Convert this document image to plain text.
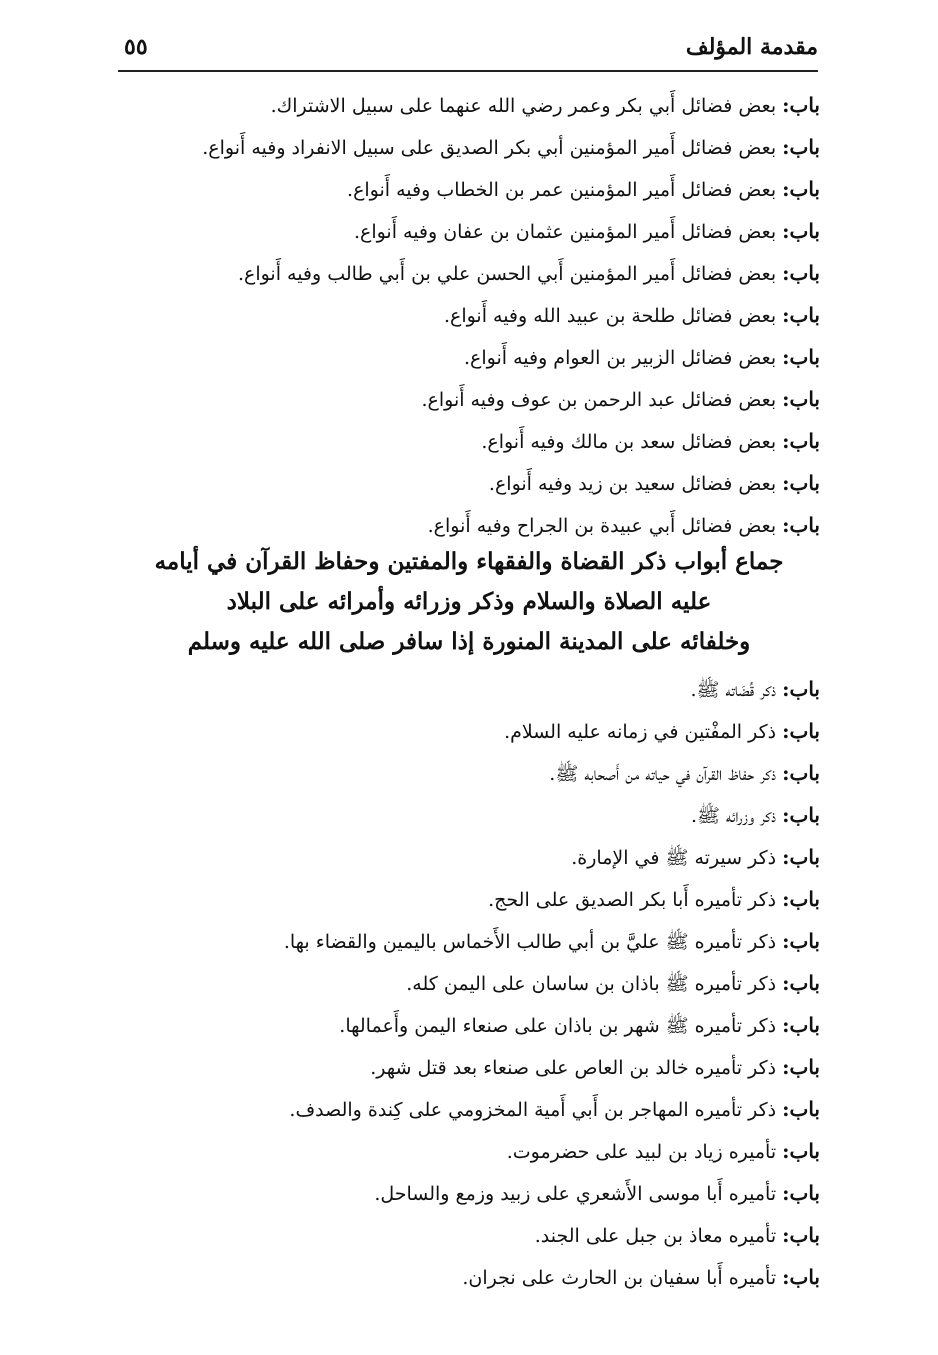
مقدمة المؤلف
٥٥
باب:بعض فضائل أَبي بكر وعمر رضي الله عنهما على سبيل الاشتراك.
باب:بعض فضائل أَمير المؤمنين أبي بكر الصديق على سبيل الانفراد وفيه أَنواع.
باب:بعض فضائل أَمير المؤمنين عمر بن الخطاب وفيه أَنواع.
باب:بعض فضائل أَمير المؤمنين عثمان بن عفان وفيه أَنواع.
باب:بعض فضائل أَمير المؤمنين أَبي الحسن علي بن أَبي طالب وفيه أَنواع.
باب:بعض فضائل طلحة بن عبيد الله وفيه أَنواع.
باب:بعض فضائل الزبير بن العوام وفيه أَنواع.
باب:بعض فضائل عبد الرحمن بن عوف وفيه أَنواع.
باب:بعض فضائل سعد بن مالك وفيه أَنواع.
باب:بعض فضائل سعيد بن زيد وفيه أَنواع.
باب:بعض فضائل أَبي عبيدة بن الجراح وفيه أَنواع.
جماع أبواب ذكر القضاة والفقهاء والمفتين وحفاظ القرآن في أيامه
عليه الصلاة والسلام وذكر وزرائه وأمرائه على البلاد
وخلفائه على المدينة المنورة إذا سافر صلى الله عليه وسلم
باب:ذكر قُضَاته ﷺ.
باب:ذكر المفْتين في زمانه عليه السلام.
باب:ذكر حفاظ القرآن في حياته من أَصحابه ﷺ.
باب:ذكر وزرائه ﷺ.
باب:ذكر سيرته ﷺ في الإمارة.
باب:ذكر تأميره أَبا بكر الصديق على الحج.
باب:ذكر تأميره ﷺ عليَّ بن أبي طالب الأَخماس باليمين والقضاء بها.
باب:ذكر تأميره ﷺ باذان بن ساسان على اليمن كله.
باب:ذكر تأميره ﷺ شهر بن باذان على صنعاء اليمن وأَعمالها.
باب:ذكر تأميره خالد بن العاص على صنعاء بعد قتل شهر.
باب:ذكر تأميره المهاجر بن أَبي أَمية المخزومي على كِندة والصدف.
باب:تأميره زياد بن لبيد على حضرموت.
باب:تأميره أَبا موسى الأَشعري على زبيد وزمع والساحل.
باب:تأميره معاذ بن جبل على الجند.
باب:تأميره أَبا سفيان بن الحارث على نجران.
